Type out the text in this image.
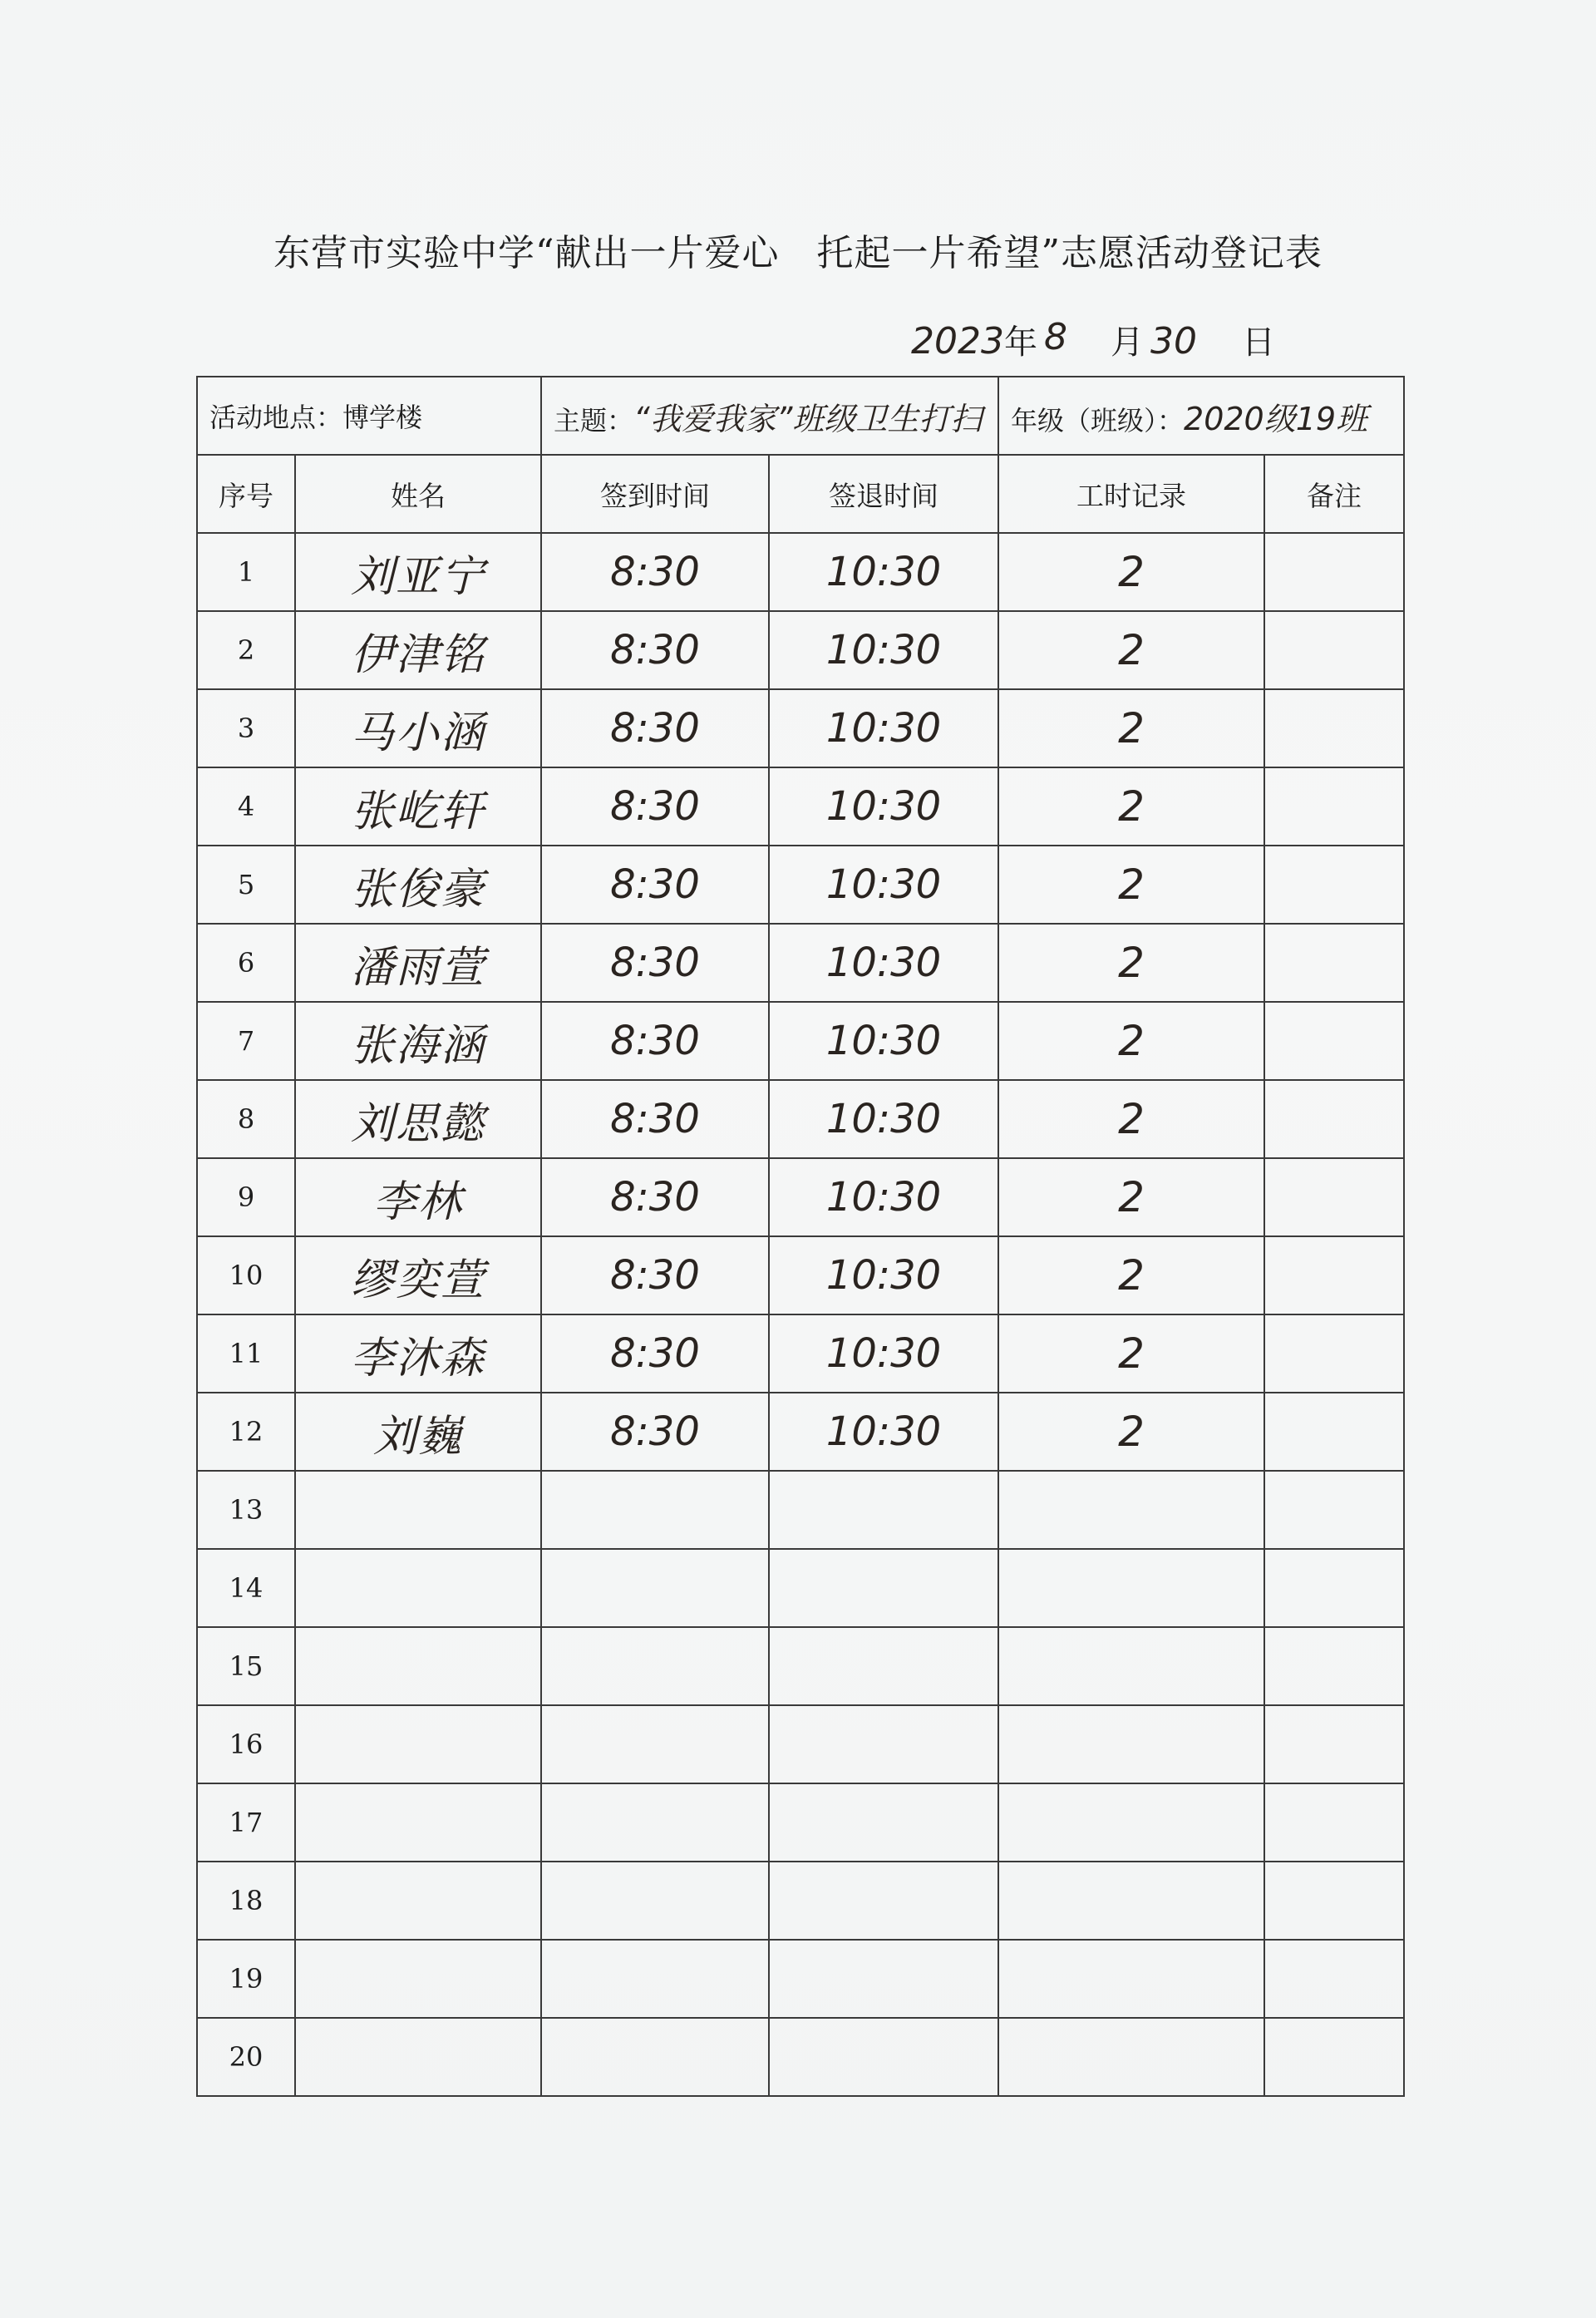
东营市实验中学“献出一片爱心　托起一片希望”志愿活动登记表
2023年 8 月 30 日
活动地点：博学楼		主题：“我爱我家”班级卫生打扫		年级（班级）：2020级19班	
序号	姓名	签到时间	签退时间	工时记录	备注
1	刘亚宁	8:30	10:30	2	
2	伊津铭	8:30	10:30	2	
3	马小涵	8:30	10:30	2	
4	张屹轩	8:30	10:30	2	
5	张俊豪	8:30	10:30	2	
6	潘雨萱	8:30	10:30	2	
7	张海涵	8:30	10:30	2	
8	刘思懿	8:30	10:30	2	
9	李林	8:30	10:30	2	
10	缪奕萱	8:30	10:30	2	
11	李沐森	8:30	10:30	2	
12	刘巍	8:30	10:30	2	
13					
14					
15					
16					
17					
18					
19					
20					
